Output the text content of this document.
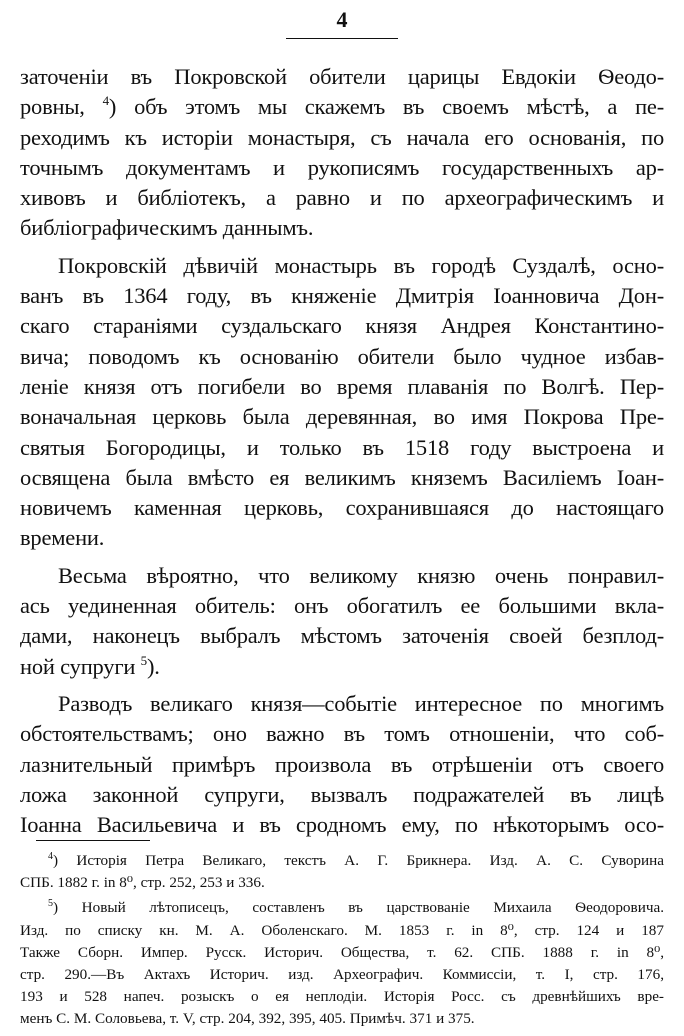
4
заточеніи въ Покровской обители царицы Евдокіи Ѳеодо-
ровны, $^4$) объ этомъ мы скажемъ въ своемъ мѣстѣ, а пе-
реходимъ къ исторіи монастыря, съ начала его основанія, по
точнымъ документамъ и рукописямъ государственныхъ ар-
хивовъ и библіотекъ, а равно и по археографическимъ и
библіографическимъ даннымъ.
Покровскій дѣвичій монастырь въ городѣ Суздалѣ, осно-
ванъ въ 1364 году, въ княженіе Дмитрія Іоанновича Дон-
скаго стараніями суздальскаго князя Андрея Константино-
вича; поводомъ къ основанію обители было чудное избав-
леніе князя отъ погибели во время плаванія по Волгѣ. Пер-
воначальная церковь была деревянная, во имя Покрова Пре-
святыя Богородицы, и только въ 1518 году выстроена и
освящена была вмѣсто ея великимъ княземъ Василіемъ Іоан-
новичемъ каменная церковь, сохранившаяся до настоящаго
времени.
Весьма вѣроятно, что великому князю очень понравил-
ась уединенная обитель: онъ обогатилъ ее большими вкла-
дами, наконецъ выбралъ мѣстомъ заточенія своей безплод-
ной супруги $^5$).
Разводъ великаго князя—событіе интересное по многимъ
обстоятельствамъ; оно важно въ томъ отношеніи, что соб-
лазнительный примѣръ произвола въ отрѣшеніи отъ своего
ложа законной супруги, вызвалъ подражателей въ лицѣ
Іоанна Васильевича и въ сродномъ ему, по нѣкоторымъ осо-
$^4$) Исторія Петра Великаго, текстъ А. Г. Брикнера. Изд. А. С. Суворина
СПБ. 1882 г. in 8⁰, стр. 252, 253 и 336.
$^5$) Новый лѣтописецъ, составленъ въ царствованіе Михаила Ѳеодоровича.
Изд. по списку кн. М. А. Оболенскаго. М. 1853 г. in 8⁰, стр. 124 и 187
Также Сборн. Импер. Русск. Историч. Общества, т. 62. СПБ. 1888 г. in 8⁰,
стр. 290.—Въ Актахъ Историч. изд. Археографич. Коммиссіи, т. I, стр. 176,
193 и 528 напеч. розыскъ о ея неплодіи. Исторія Росс. съ древнѣйшихъ вре-
менъ С. М. Соловьева, т. V, стр. 204, 392, 395, 405. Примѣч. 371 и 375.
